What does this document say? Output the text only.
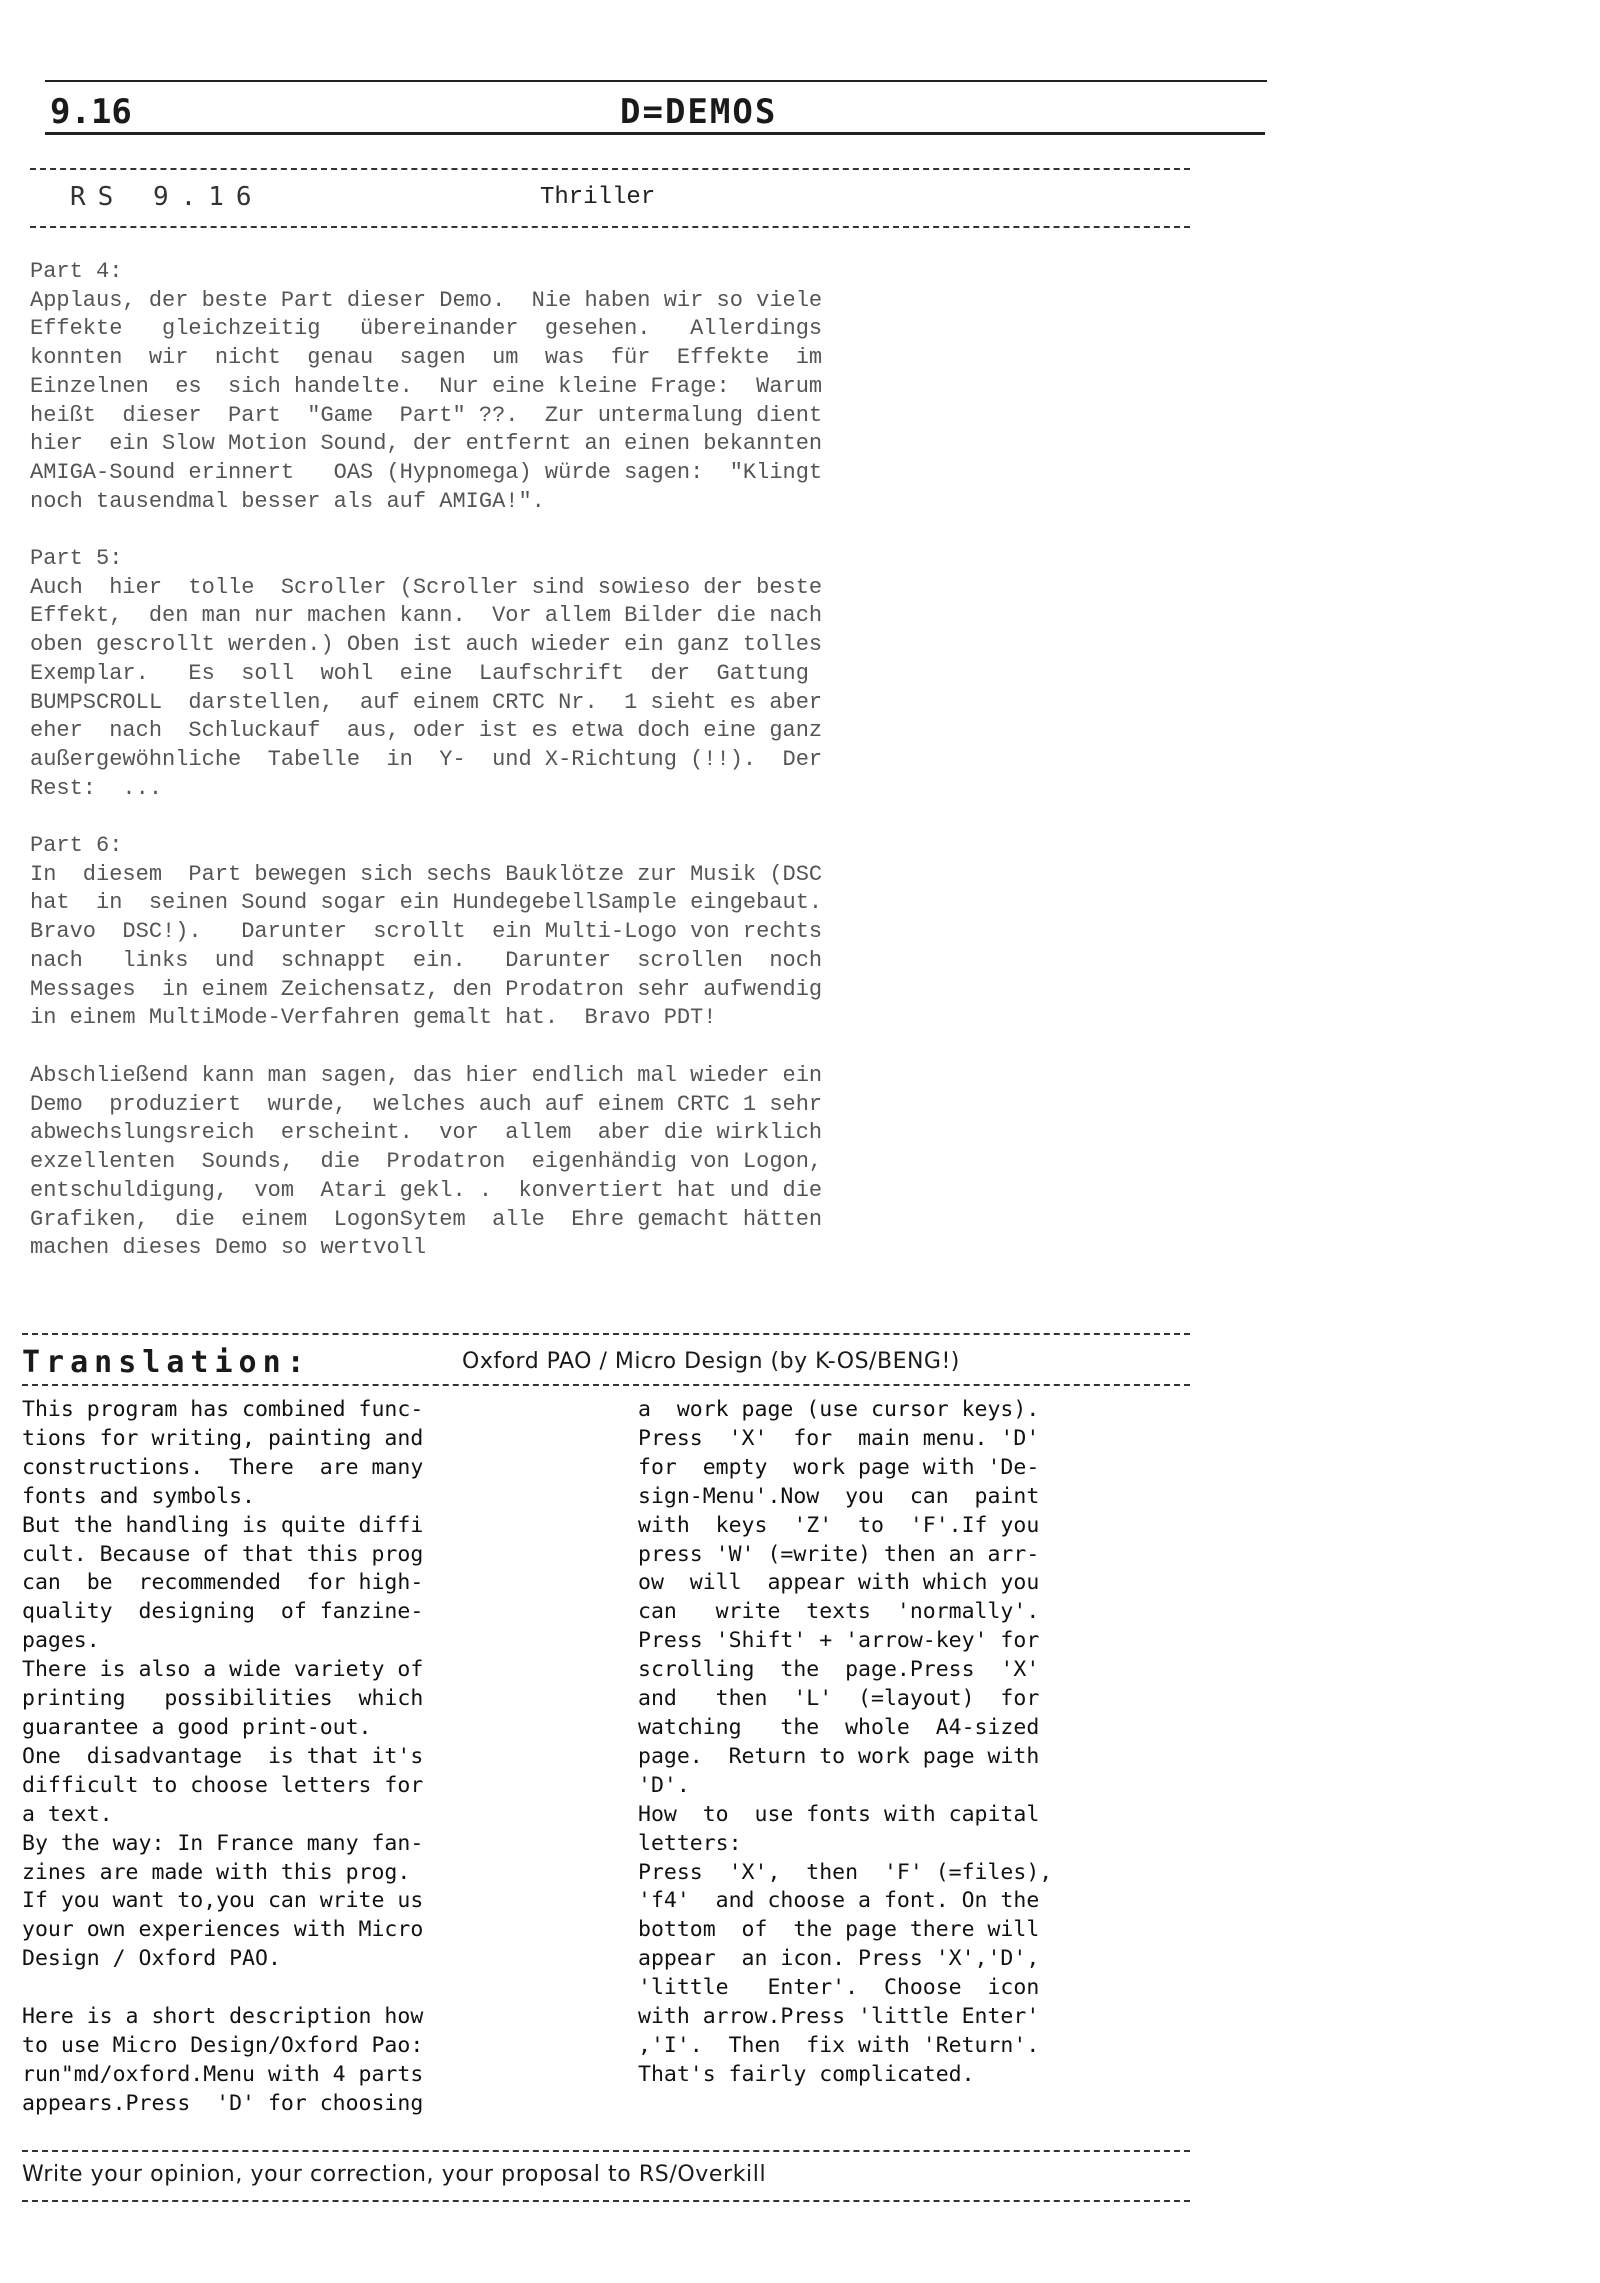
9.16	D=DEMOS
RS 9.16	Thriller
Part 4:
Applaus, der beste Part dieser Demo.  Nie haben wir so viele
Effekte   gleichzeitig   übereinander  gesehen.   Allerdings
konnten  wir  nicht  genau  sagen  um  was  für  Effekte  im
Einzelnen  es  sich handelte.  Nur eine kleine Frage:  Warum
heißt  dieser  Part  "Game  Part" ??.  Zur untermalung dient
hier  ein Slow Motion Sound, der entfernt an einen bekannten
AMIGA-Sound erinnert   OAS (Hypnomega) würde sagen:  "Klingt
noch tausendmal besser als auf AMIGA!".
Part 5:
Auch  hier  tolle  Scroller (Scroller sind sowieso der beste
Effekt,  den man nur machen kann.  Vor allem Bilder die nach
oben gescrollt werden.) Oben ist auch wieder ein ganz tolles
Exemplar.   Es  soll  wohl  eine  Laufschrift  der  Gattung
BUMPSCROLL  darstellen,  auf einem CRTC Nr.  1 sieht es aber
eher  nach  Schluckauf  aus, oder ist es etwa doch eine ganz
außergewöhnliche  Tabelle  in  Y-  und X-Richtung (!!).  Der
Rest:  ...
Part 6:
In  diesem  Part bewegen sich sechs Bauklötze zur Musik (DSC
hat  in  seinen Sound sogar ein HundegebellSample eingebaut.
Bravo  DSC!).   Darunter  scrollt  ein Multi-Logo von rechts
nach   links  und  schnappt  ein.   Darunter  scrollen  noch
Messages  in einem Zeichensatz, den Prodatron sehr aufwendig
in einem MultiMode-Verfahren gemalt hat.  Bravo PDT!
Abschließend kann man sagen, das hier endlich mal wieder ein
Demo  produziert  wurde,  welches auch auf einem CRTC 1 sehr
abwechslungsreich  erscheint.  vor  allem  aber die wirklich
exzellenten  Sounds,  die  Prodatron  eigenhändig von Logon,
entschuldigung,  vom  Atari gekl. .  konvertiert hat und die
Grafiken,  die  einem  LogonSytem  alle  Ehre gemacht hätten
machen dieses Demo so wertvoll
Translation:	Oxford PAO / Micro Design (by K-OS/BENG!)
This program has combined func-
tions for writing, painting and
constructions.  There  are many
fonts and symbols.
But the handling is quite diffi
cult. Because of that this prog
can  be  recommended  for high-
quality  designing  of fanzine-
pages.
There is also a wide variety of
printing   possibilities  which
guarantee a good print-out.
One  disadvantage  is that it's
difficult to choose letters for
a text.
By the way: In France many fan-
zines are made with this prog.
If you want to,you can write us
your own experiences with Micro
Design / Oxford PAO.

Here is a short description how
to use Micro Design/Oxford Pao:
run"md/oxford.Menu with 4 parts
appears.Press  'D' for choosing
a  work page (use cursor keys).
Press  'X'  for  main menu. 'D'
for  empty  work page with 'De-
sign-Menu'.Now  you  can  paint
with  keys  'Z'  to  'F'.If you
press 'W' (=write) then an arr-
ow  will  appear with which you
can   write  texts  'normally'.
Press 'Shift' + 'arrow-key' for
scrolling  the  page.Press  'X'
and   then  'L'  (=layout)  for
watching   the  whole  A4-sized
page.  Return to work page with
'D'.
How  to  use fonts with capital
letters:
Press  'X',  then  'F' (=files),
'f4'  and choose a font. On the
bottom  of  the page there will
appear  an icon. Press 'X','D',
'little   Enter'.  Choose  icon
with arrow.Press 'little Enter'
,'I'.  Then  fix with 'Return'.
That's fairly complicated.
Write your opinion, your correction, your proposal to RS/Overkill
